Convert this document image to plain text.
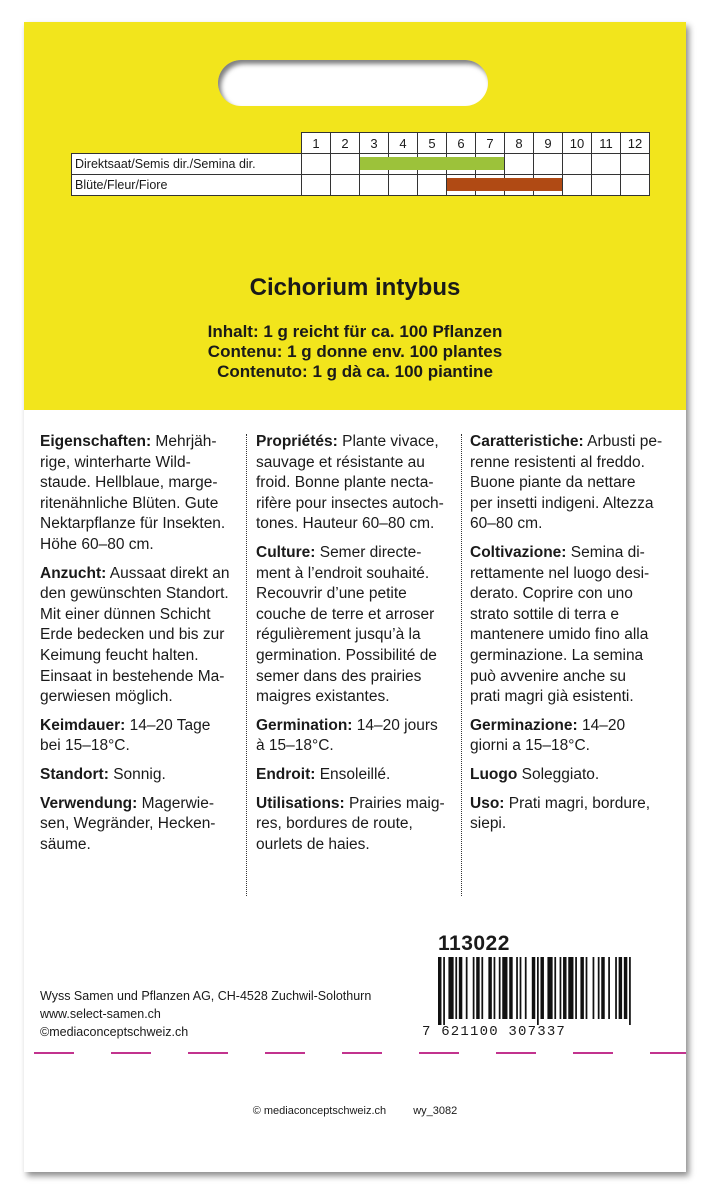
	1	2	3	4	5	6	7	8	9	10	11	12
Direktsaat/Semis dir./Semina dir.			

Blüte/Fleur/Fiore						

Cichorium intybus
Inhalt: 1 g reicht für ca. 100 Pflanzen
Contenu: 1 g donne env. 100 plantes
Contenuto: 1 g dà ca. 100 piantine

Eigenschaften: Mehrjäh-
rige, winterharte Wild-
staude. Hellblaue, marge-
ritenähnliche Blüten. Gute
Nektarpflanze für Insekten.
Höhe 60–80 cm.

Anzucht: Aussaat direkt an
den gewünschten Standort.
Mit einer dünnen Schicht
Erde bedecken und bis zur
Keimung feucht halten.
Einsaat in bestehende Ma-
gerwiesen möglich.

Keimdauer: 14–20 Tage
bei 15–18°C.

Standort: Sonnig.

Verwendung: Magerwie-
sen, Wegränder, Hecken-
säume.

Propriétés: Plante vivace,
sauvage et résistante au
froid. Bonne plante necta-
rifère pour insectes autoch-
tones. Hauteur 60–80 cm.

Culture: Semer directe-
ment à l’endroit souhaité.
Recouvrir d’une petite
couche de terre et arroser
régulièrement jusqu’à la
germination. Possibilité de
semer dans des prairies
maigres existantes.

Germination: 14–20 jours
à 15–18°C.

Endroit: Ensoleillé.

Utilisations: Prairies maig-
res, bordures de route,
ourlets de haies.

Caratteristiche: Arbusti pe-
renne resistenti al freddo.
Buone piante da nettare
per insetti indigeni. Altezza
60–80 cm.

Coltivazione: Semina di-
rettamente nel luogo desi-
derato. Coprire con uno
strato sottile di terra e
mantenere umido fino alla
germinazione. La semina
può avvenire anche su
prati magri già esistenti.

Germinazione: 14–20
giorni a 15–18°C.

Luogo Soleggiato.

Uso: Prati magri, bordure,
siepi.

113022
7 621100 307337
Wyss Samen und Pflanzen AG, CH-4528 Zuchwil-Solothurn
www.select-samen.ch
©mediaconceptschweiz.ch
© mediaconceptschweiz.ch wy_3082
